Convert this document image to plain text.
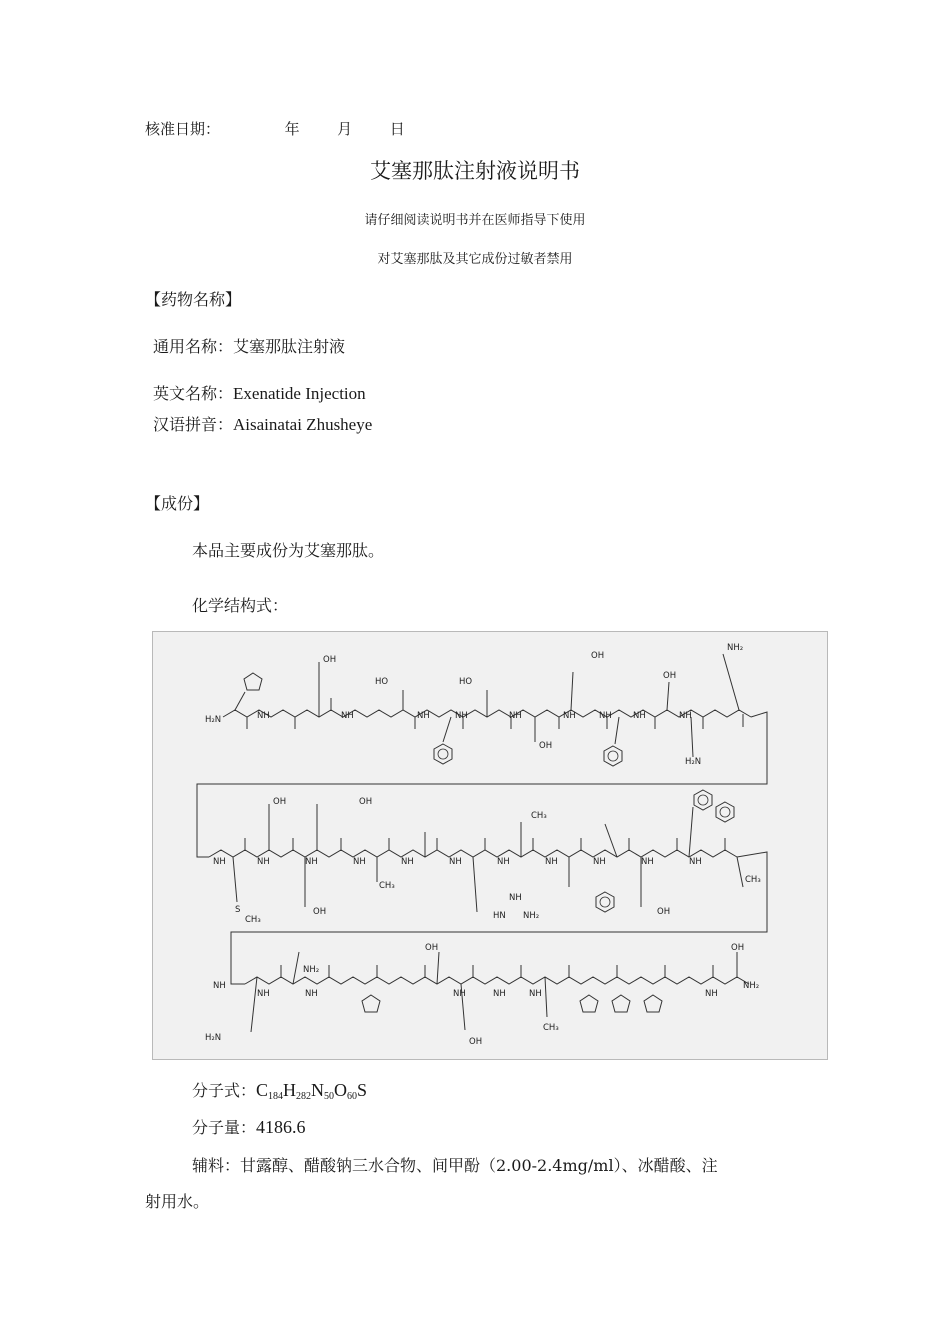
核准日期：	年	月	日
艾塞那肽注射液说明书
请仔细阅读说明书并在医师指导下使用
对艾塞那肽及其它成份过敏者禁用
【药物名称】
通用名称：艾塞那肽注射液
英文名称：Exenatide Injection
汉语拼音：Aisainatai Zhusheye
【成份】
本品主要成份为艾塞那肽。
化学结构式：
H₂N	NH	NH	NH	NH	NH	NH	NH	NH	NH
OH	OH
HO	HO
OH
OH
H₂N
NH₂
NH	NH	NH	NH	NH	NH	NH	NH	NH	NH	NH
OH	OH
OH	OH
S
CH₃
CH₃
CH₃
CH₃
HN NH₂
NH
NH
NH	NH	NH	NH	NH	NH
H₂N
NH₂
OH
OH
OH
NH₂
CH₃
分子式：$C_{184}H_{282}N_{50}O_{60}S$
分子量：4186.6
辅料：甘露醇、醋酸钠三水合物、间甲酚（2.00-2.4mg/ml）、冰醋酸、注
射用水。
